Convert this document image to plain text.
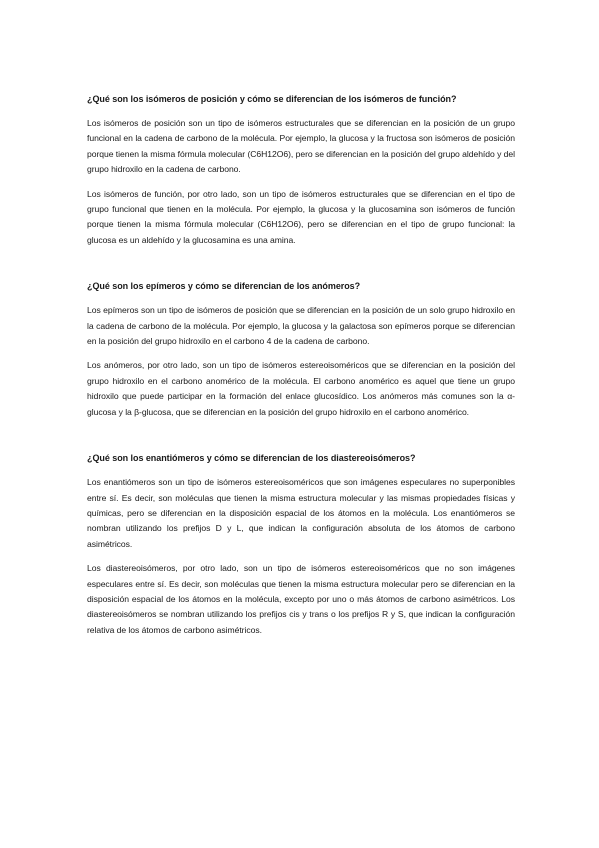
¿Qué son los isómeros de posición y cómo se diferencian de los isómeros de función?

Los isómeros de posición son un tipo de isómeros estructurales que se diferencian en la posición de un grupo funcional en la cadena de carbono de la molécula. Por ejemplo, la glucosa y la fructosa son isómeros de posición porque tienen la misma fórmula molecular (C6H12O6), pero se diferencian en la posición del grupo aldehído y del grupo hidroxilo en la cadena de carbono.

Los isómeros de función, por otro lado, son un tipo de isómeros estructurales que se diferencian en el tipo de grupo funcional que tienen en la molécula. Por ejemplo, la glucosa y la glucosamina son isómeros de función porque tienen la misma fórmula molecular (C6H12O6), pero se diferencian en el tipo de grupo funcional: la glucosa es un aldehído y la glucosamina es una amina.

¿Qué son los epímeros y cómo se diferencian de los anómeros?

Los epímeros son un tipo de isómeros de posición que se diferencian en la posición de un solo grupo hidroxilo en la cadena de carbono de la molécula. Por ejemplo, la glucosa y la galactosa son epímeros porque se diferencian en la posición del grupo hidroxilo en el carbono 4 de la cadena de carbono.

Los anómeros, por otro lado, son un tipo de isómeros estereoisoméricos que se diferencian en la posición del grupo hidroxilo en el carbono anomérico de la molécula. El carbono anomérico es aquel que tiene un grupo hidroxilo que puede participar en la formación del enlace glucosídico. Los anómeros más comunes son la α-glucosa y la β-glucosa, que se diferencian en la posición del grupo hidroxilo en el carbono anomérico.

¿Qué son los enantiómeros y cómo se diferencian de los diastereoisómeros?

Los enantiómeros son un tipo de isómeros estereoisoméricos que son imágenes especulares no superponibles entre sí. Es decir, son moléculas que tienen la misma estructura molecular y las mismas propiedades físicas y químicas, pero se diferencian en la disposición espacial de los átomos en la molécula. Los enantiómeros se nombran utilizando los prefijos D y L, que indican la configuración absoluta de los átomos de carbono asimétricos.

Los diastereoisómeros, por otro lado, son un tipo de isómeros estereoisoméricos que no son imágenes especulares entre sí. Es decir, son moléculas que tienen la misma estructura molecular pero se diferencian en la disposición espacial de los átomos en la molécula, excepto por uno o más átomos de carbono asimétricos. Los diastereoisómeros se nombran utilizando los prefijos cis y trans o los prefijos R y S, que indican la configuración relativa de los átomos de carbono asimétricos.
